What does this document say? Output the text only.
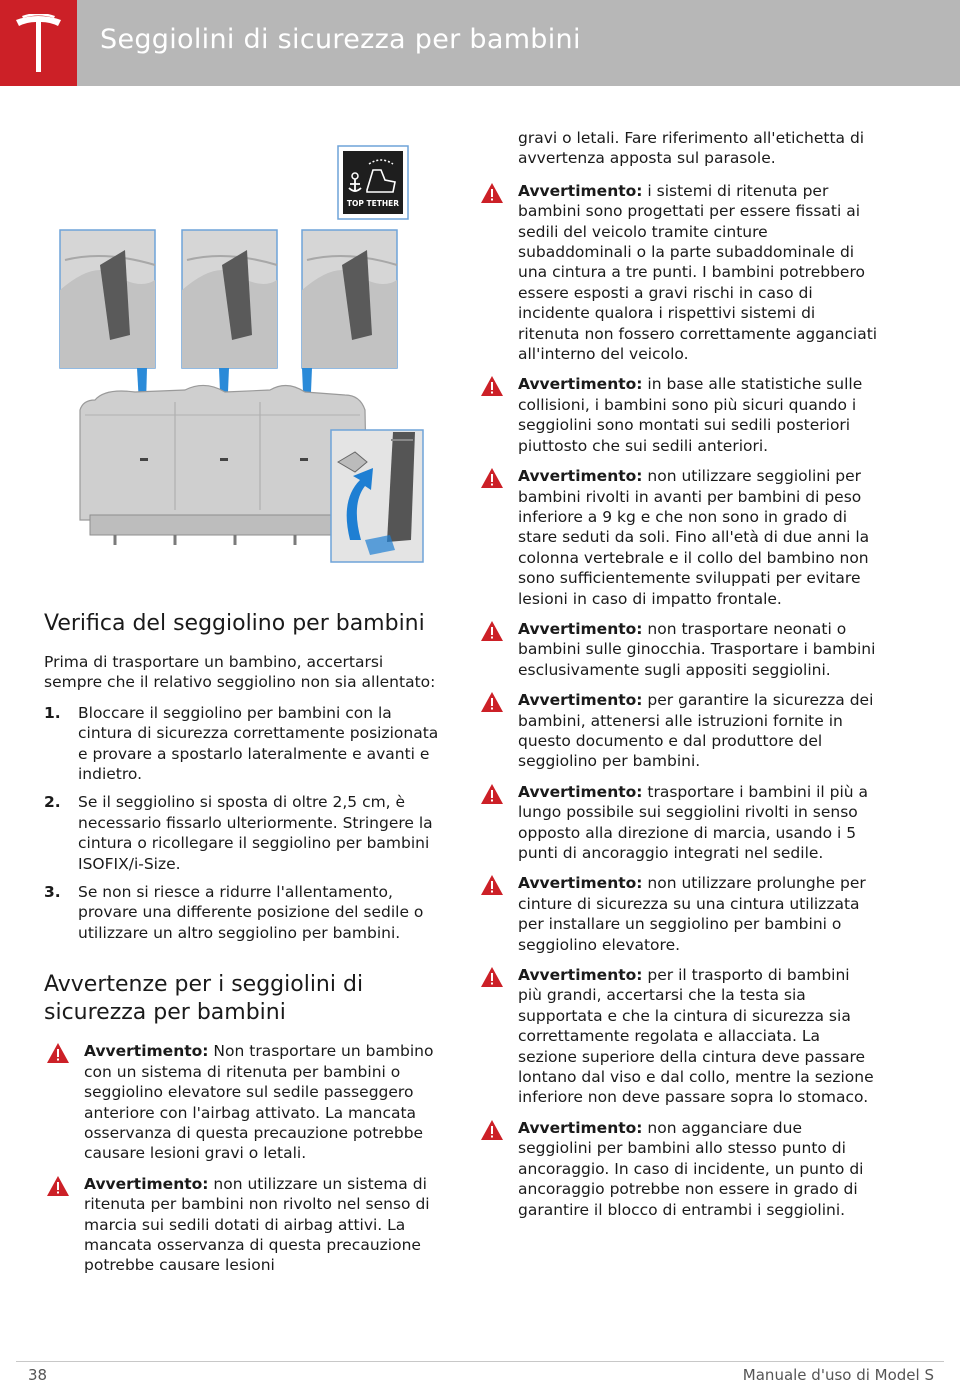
Seggiolini di sicurezza per bambini
TOP TETHER
Verifica del seggiolino per bambini

Prima di trasportare un bambino, accertarsi sempre che il relativo seggiolino non sia allentato:

1. Bloccare il seggiolino per bambini con la cintura di sicurezza correttamente posizionata e provare a spostarlo lateralmente e avanti e indietro.
2. Se il seggiolino si sposta di oltre 2,5 cm, è necessario fissarlo ulteriormente. Stringere la cintura o ricollegare il seggiolino per bambini ISOFIX/i-Size.
3. Se non si riesce a ridurre l'allentamento, provare una differente posizione del sedile o utilizzare un altro seggiolino per bambini.
Avvertenze per i seggiolini di sicurezza per bambini
Avvertimento: Non trasportare un bambino con un sistema di ritenuta per bambini o seggiolino elevatore sul sedile passeggero anteriore con l'airbag attivato. La mancata osservanza di questa precauzione potrebbe causare lesioni gravi o letali.
Avvertimento: non utilizzare un sistema di ritenuta per bambini non rivolto nel senso di marcia sui sedili dotati di airbag attivi. La mancata osservanza di questa precauzione potrebbe causare lesioni
gravi o letali. Fare riferimento all'etichetta di avvertenza apposta sul parasole.
Avvertimento: i sistemi di ritenuta per bambini sono progettati per essere fissati ai sedili del veicolo tramite cinture subaddominali o la parte subaddominale di una cintura a tre punti. I bambini potrebbero essere esposti a gravi rischi in caso di incidente qualora i rispettivi sistemi di ritenuta non fossero correttamente agganciati all'interno del veicolo.
Avvertimento: in base alle statistiche sulle collisioni, i bambini sono più sicuri quando i seggiolini sono montati sui sedili posteriori piuttosto che sui sedili anteriori.
Avvertimento: non utilizzare seggiolini per bambini rivolti in avanti per bambini di peso inferiore a 9 kg e che non sono in grado di stare seduti da soli. Fino all'età di due anni la colonna vertebrale e il collo del bambino non sono sufficientemente sviluppati per evitare lesioni in caso di impatto frontale.
Avvertimento: non trasportare neonati o bambini sulle ginocchia. Trasportare i bambini esclusivamente sugli appositi seggiolini.
Avvertimento: per garantire la sicurezza dei bambini, attenersi alle istruzioni fornite in questo documento e dal produttore del seggiolino per bambini.
Avvertimento: trasportare i bambini il più a lungo possibile sui seggiolini rivolti in senso opposto alla direzione di marcia, usando i 5 punti di ancoraggio integrati nel sedile.
Avvertimento: non utilizzare prolunghe per cinture di sicurezza su una cintura utilizzata per installare un seggiolino per bambini o seggiolino elevatore.
Avvertimento: per il trasporto di bambini più grandi, accertarsi che la testa sia supportata e che la cintura di sicurezza sia correttamente regolata e allacciata. La sezione superiore della cintura deve passare lontano dal viso e dal collo, mentre la sezione inferiore non deve passare sopra lo stomaco.
Avvertimento: non agganciare due seggiolini per bambini allo stesso punto di ancoraggio. In caso di incidente, un punto di ancoraggio potrebbe non essere in grado di garantire il blocco di entrambi i seggiolini.
38	Manuale d'uso di Model S
